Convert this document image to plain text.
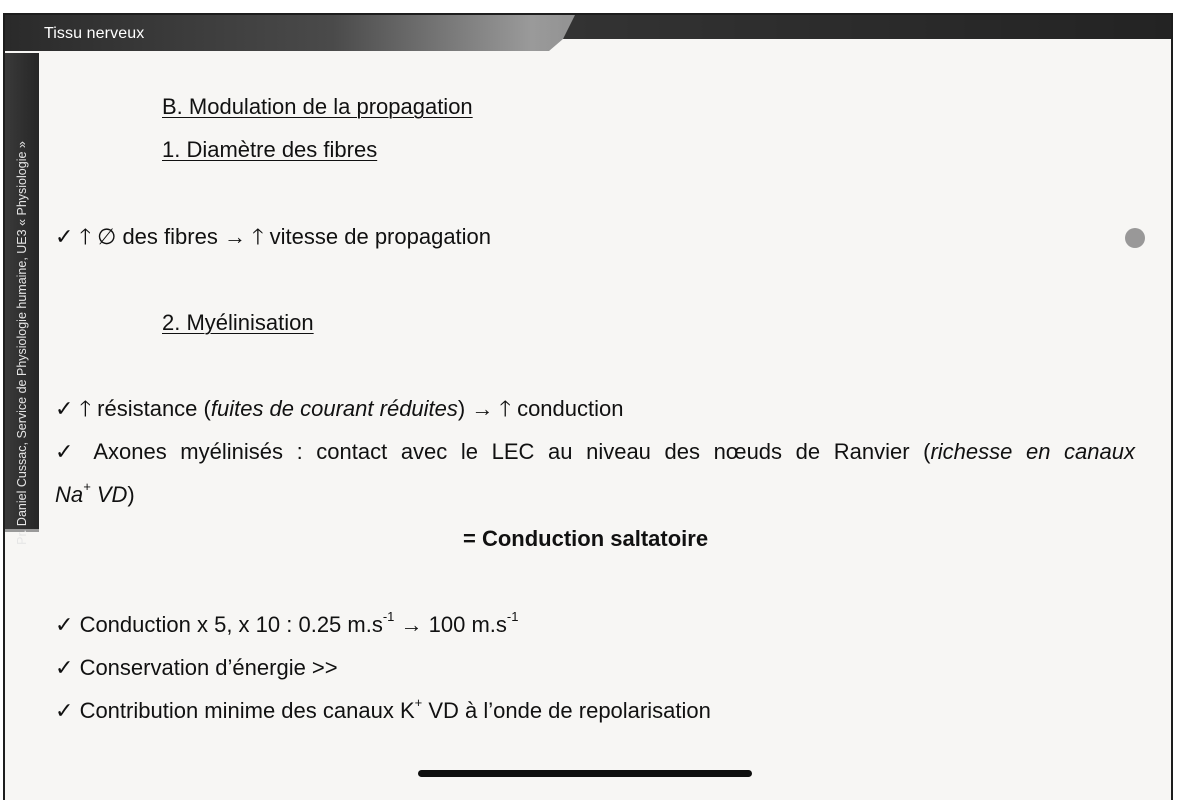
Tissu nerveux
Pr. Daniel Cussac, Service de Physiologie humaine, UE3 « Physiologie »
B. Modulation de la propagation
1. Diamètre des fibres
✓ 🡑 ∅ des fibres → 🡑 vitesse de propagation
2. Myélinisation
✓ 🡑 résistance (fuites de courant réduites) → 🡑 conduction
✓ Axones myélinisés : contact avec le LEC au niveau des nœuds de Ranvier (richesse en canaux
Na+ VD)
= Conduction saltatoire
✓ Conduction x 5, x 10 : 0.25 $m.s^{-1} \to 100$ $m.s^{-1}$
✓ Conservation d’énergie >>
✓ Contribution minime des canaux K+ VD à l’onde de repolarisation
